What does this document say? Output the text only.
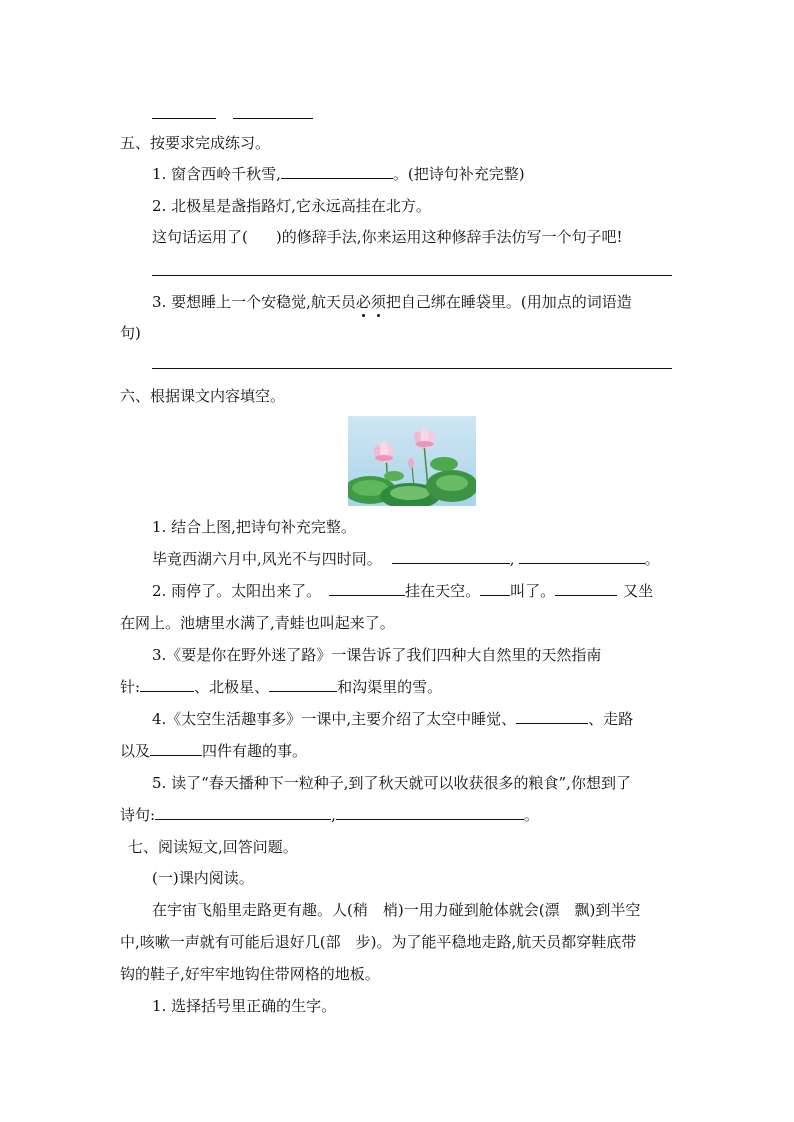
五、按要求完成练习。
1. 窗含西岭千秋雪,	。(把诗句补充完整)
2. 北极星是盏指路灯,它永远高挂在北方。
这句话运用了( )的修辞手法,你来运用这种修辞手法仿写一个句子吧!
3. 要想睡上一个安稳觉,航天员必须把自己绑在睡袋里。(用加点的词语造
句)
六、根据课文内容填空。
1. 结合上图,把诗句补充完整。
毕竟西湖六月中,风光不与四时同。	,	。
2. 雨停了。太阳出来了。	挂在天空。 叫了。	又坐
在网上。池塘里水满了,青蛙也叫起来了。
3.《要是你在野外迷了路》一课告诉了我们四种大自然里的天然指南
针:	、北极星、	和沟渠里的雪。
4.《太空生活趣事多》一课中,主要介绍了太空中睡觉、	、走路
以及	四件有趣的事。
5. 读了“春天播种下一粒种子,到了秋天就可以收获很多的粮食”,你想到了
诗句:	,	。
七、阅读短文,回答问题。
(一)课内阅读。
在宇宙飞船里走路更有趣。人(稍　梢)一用力碰到舱体就会(漂　飘)到半空
中,咳嗽一声就有可能后退好几(部　步)。为了能平稳地走路,航天员都穿鞋底带
钩的鞋子,好牢牢地钩住带网格的地板。
1. 选择括号里正确的生字。
